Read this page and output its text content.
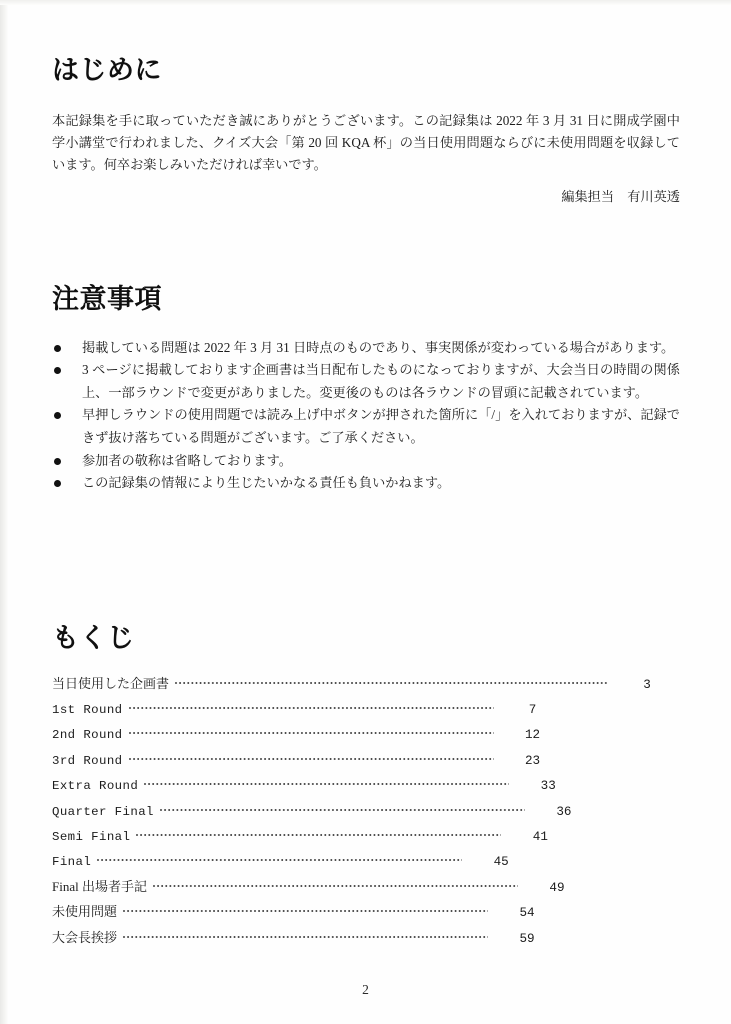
はじめに

本記録集を手に取っていただき誠にありがとうございます。この記録集は 2022 年 3 月 31 日に開成学園中学小講堂で行われました、クイズ大会「第 20 回 KQA 杯」の当日使用問題ならびに未使用問題を収録しています。何卒お楽しみいただければ幸いです。

編集担当　有川英透

注意事項
掲載している問題は 2022 年 3 月 31 日時点のものであり、事実関係が変わっている場合があります。
3 ページに掲載しております企画書は当日配布したものになっておりますが、大会当日の時間の関係上、一部ラウンドで変更がありました。変更後のものは各ラウンドの冒頭に記載されています。
早押しラウンドの使用問題では読み上げ中ボタンが押された箇所に「/」を入れておりますが、記録できず抜け落ちている問題がございます。ご了承ください。
参加者の敬称は省略しております。
この記録集の情報により生じたいかなる責任も負いかねます。
もくじ
当日使用した企画書	3
1st Round	7
2nd Round	12
3rd Round	23
Extra Round	33
Quarter Final	36
Semi Final	41
Final	45
Final 出場者手記	49
未使用問題	54
大会長挨拶	59
2
